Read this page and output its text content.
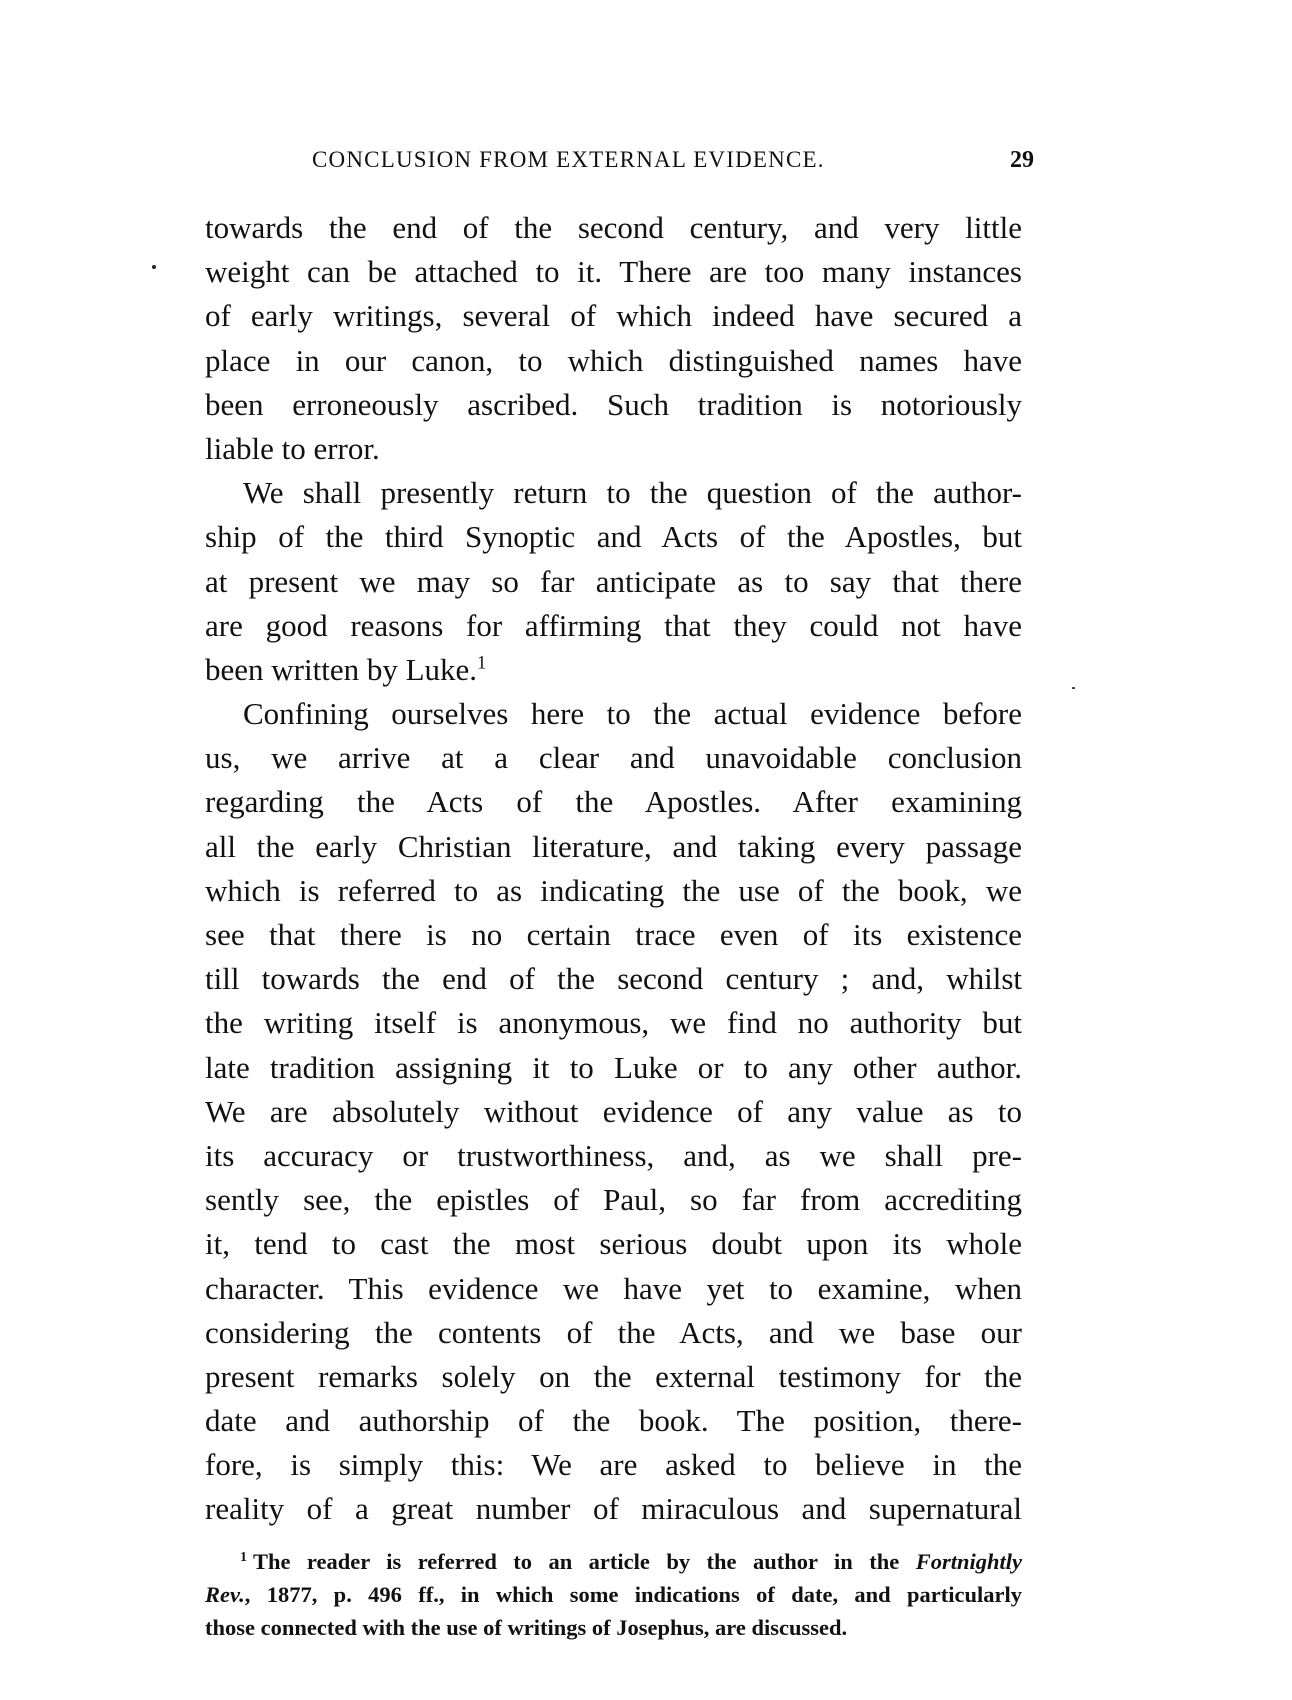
CONCLUSION FROM EXTERNAL EVIDENCE.	29
towards the end of the second century, and very little
weight can be attached to it. There are too many instances
of early writings, several of which indeed have secured a
place in our canon, to which distinguished names have
been erroneously ascribed. Such tradition is notoriously
liable to error.
We shall presently return to the question of the author-
ship of the third Synoptic and Acts of the Apostles, but
at present we may so far anticipate as to say that there
are good reasons for affirming that they could not have
been written by Luke.$^1$
Confining ourselves here to the actual evidence before
us, we arrive at a clear and unavoidable conclusion
regarding the Acts of the Apostles. After examining
all the early Christian literature, and taking every passage
which is referred to as indicating the use of the book, we
see that there is no certain trace even of its existence
till towards the end of the second century ; and, whilst
the writing itself is anonymous, we find no authority but
late tradition assigning it to Luke or to any other author.
We are absolutely without evidence of any value as to
its accuracy or trustworthiness, and, as we shall pre-
sently see, the epistles of Paul, so far from accrediting
it, tend to cast the most serious doubt upon its whole
character. This evidence we have yet to examine, when
considering the contents of the Acts, and we base our
present remarks solely on the external testimony for the
date and authorship of the book. The position, there-
fore, is simply this: We are asked to believe in the
reality of a great number of miraculous and supernatural
$^1$ The reader is referred to an article by the author in the Fortnightly
Rev., 1877, p. 496 ff., in which some indications of date, and particularly
those connected with the use of writings of Josephus, are discussed.
